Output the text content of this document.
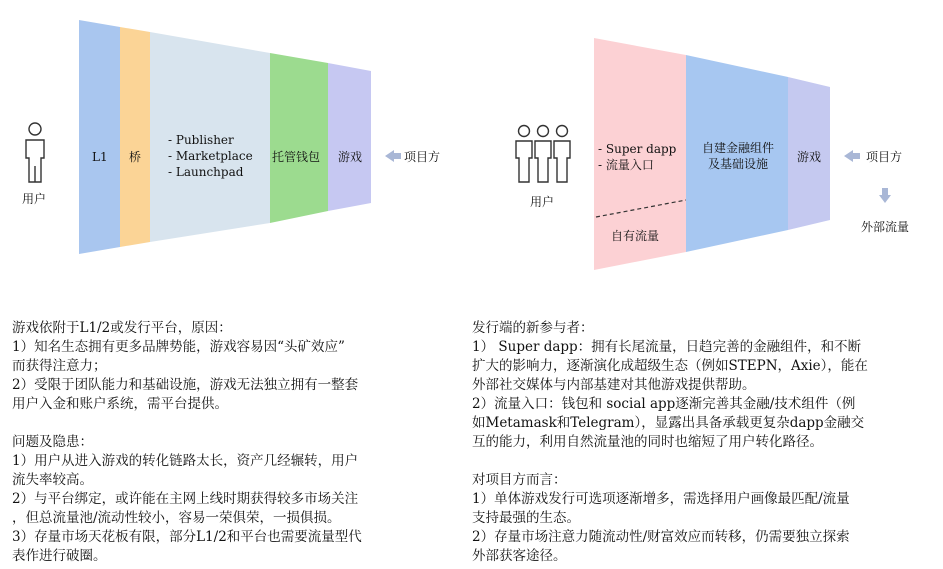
用户
L1 桥
- Publisher
- Marketplace
- Launchpad
托管钱包 游戏	项目方
用户
- Super dapp
- 流量入口
自有流量
自建金融组件
及基础设施	游戏	项目方
外部流量
游戏依附于L1/2或发行平台，原因：
1）知名生态拥有更多品牌势能，游戏容易因“头矿效应”
而获得注意力；
2）受限于团队能力和基础设施，游戏无法独立拥有一整套
用户入金和账户系统，需平台提供。
问题及隐患：
1）用户从进入游戏的转化链路太长，资产几经辗转，用户
流失率较高。
2）与平台绑定，或许能在主网上线时期获得较多市场关注
，但总流量池/流动性较小，容易一荣俱荣，一损俱损。
3）存量市场天花板有限，部分L1/2和平台也需要流量型代
表作进行破圈。
发行端的新参与者：
1） Super dapp：拥有长尾流量，日趋完善的金融组件，和不断
扩大的影响力，逐渐演化成超级生态（例如STEPN，Axie），能在
外部社交媒体与内部基建对其他游戏提供帮助。
2）流量入口：钱包和 social app逐渐完善其金融/技术组件（例
如Metamask和Telegram），显露出具备承载更复杂dapp金融交
互的能力，利用自然流量池的同时也缩短了用户转化路径。
对项目方而言：
1）单体游戏发行可选项逐渐增多，需选择用户画像最匹配/流量
支持最强的生态。
2）存量市场注意力随流动性/财富效应而转移，仍需要独立探索
外部获客途径。
